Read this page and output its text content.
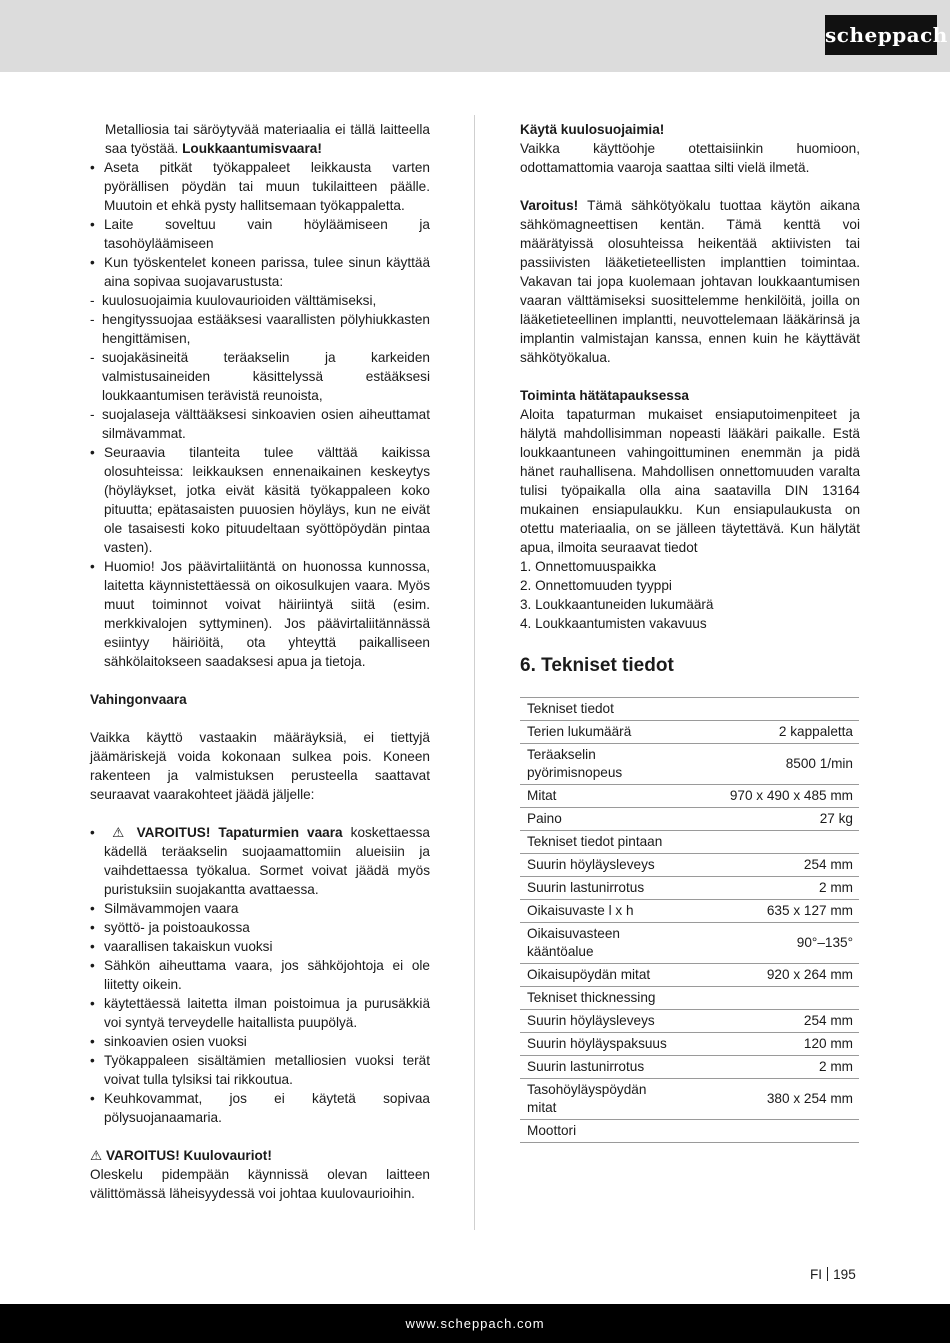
scheppach

Metalliosia tai säröytyvää materiaalia ei tällä laitteella saa työstää. Loukkaantumisvaara!

• Aseta pitkät työkappaleet leikkausta varten pyörällisen pöydän tai muun tukilaitteen päälle. Muutoin et ehkä pysty hallitsemaan työkappaletta.
• Laite soveltuu vain höyläämiseen ja tasohöyläämiseen
• Kun työskentelet koneen parissa, tulee sinun käyttää aina sopivaa suojavarustusta:
- kuulosuojaimia kuulovaurioiden välttämiseksi,
- hengityssuojaa estääksesi vaarallisten pölyhiukkasten hengittämisen,
- suojakäsineitä teräakselin ja karkeiden valmistusaineiden käsittelyssä estääksesi loukkaantumisen terävistä reunoista,
- suojalaseja välttääksesi sinkoavien osien aiheuttamat silmävammat.
• Seuraavia tilanteita tulee välttää kaikissa olosuhteissa: leikkauksen ennenaikainen keskeytys (höyläykset, jotka eivät käsitä työkappaleen koko pituutta; epätasaisten puuosien höyläys, kun ne eivät ole tasaisesti koko pituudeltaan syöttöpöydän pintaa vasten).
• Huomio! Jos päävirtaliitäntä on huonossa kunnossa, laitetta käynnistettäessä on oikosulkujen vaara. Myös muut toiminnot voivat häiriintyä siitä (esim. merkkivalojen syttyminen). Jos päävirtaliitännässä esiintyy häiriöitä, ota yhteyttä paikalliseen sähkölaitokseen saadaksesi apua ja tietoja.
Vahingonvaara

Vaikka käyttö vastaakin määräyksiä, ei tiettyjä jäämäriskejä voida kokonaan sulkea pois. Koneen rakenteen ja valmistuksen perusteella saattavat seuraavat vaarakohteet jäädä jäljelle:

• ⚠ VAROITUS! Tapaturmien vaara koskettaessa kädellä teräakselin suojaamattomiin alueisiin ja vaihdettaessa työkalua. Sormet voivat jäädä myös puristuksiin suojakantta avattaessa.
• Silmävammojen vaara
• syöttö- ja poistoaukossa
• vaarallisen takaiskun vuoksi
• Sähkön aiheuttama vaara, jos sähköjohtoja ei ole liitetty oikein.
• käytettäessä laitetta ilman poistoimua ja purusäkkiä voi syntyä terveydelle haitallista puupölyä.
• sinkoavien osien vuoksi
• Työkappaleen sisältämien metalliosien vuoksi terät voivat tulla tylsiksi tai rikkoutua.
• Keuhkovammat, jos ei käytetä sopivaa pölysuojanaamaria.
⚠ VAROITUS! Kuulovauriot!

Oleskelu pidempään käynnissä olevan laitteen välittömässä läheisyydessä voi johtaa kuulovaurioihin.

Käytä kuulosuojaimia!

Vaikka käyttöohje otettaisiinkin huomioon, odottamattomia vaaroja saattaa silti vielä ilmetä.

Varoitus! Tämä sähkötyökalu tuottaa käytön aikana sähkömagneettisen kentän. Tämä kenttä voi määrätyissä olosuhteissa heikentää aktiivisten tai passiivisten lääketieteellisten implanttien toimintaa. Vakavan tai jopa kuolemaan johtavan loukkaantumisen vaaran välttämiseksi suosittelemme henkilöitä, joilla on lääketieteellinen implantti, neuvottelemaan lääkärinsä ja implantin valmistajan kanssa, ennen kuin he käyttävät sähkötyökalua.

Toiminta hätätapauksessa

Aloita tapaturman mukaiset ensiaputoimenpiteet ja hälytä mahdollisimman nopeasti lääkäri paikalle. Estä loukkaantuneen vahingoittuminen enemmän ja pidä hänet rauhallisena. Mahdollisen onnettomuuden varalta tulisi työpaikalla olla aina saatavilla DIN 13164 mukainen ensiapulaukku. Kun ensiapulaukusta on otettu materiaalia, on se jälleen täytettävä. Kun hälytät apua, ilmoita seuraavat tiedot

1. Onnettomuuspaikka
2. Onnettomuuden tyyppi
3. Loukkaantuneiden lukumäärä
4. Loukkaantumisten vakavuus
6. Tekniset tiedot
Tekniset tiedot	
Terien lukumäärä	2 kappaletta
Teräakselin pyörimisnopeus	8500 1/min
Mitat	970 x 490 x 485 mm
Paino	27 kg
Tekniset tiedot pintaan	
Suurin höyläysleveys	254 mm
Suurin lastunirrotus	2 mm
Oikaisuvaste l x h	635 x 127 mm
Oikaisuvasteen kääntöalue	90°–135°
Oikaisupöydän mitat	920 x 264 mm
Tekniset thicknessing	
Suurin höyläysleveys	254 mm
Suurin höyläyspaksuus	120 mm
Suurin lastunirrotus	2 mm
Tasohöyläyspöydän mitat	380 x 254 mm
Moottori	
FI 195
www.scheppach.com
